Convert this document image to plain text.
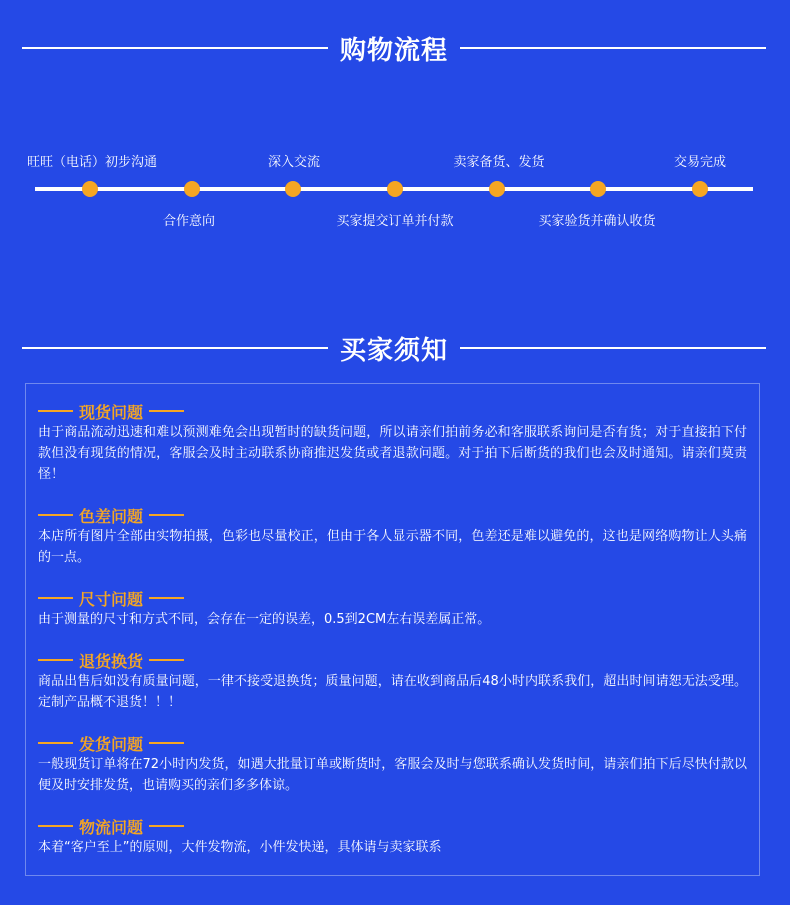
购物流程
旺旺（电话）初步沟通	深入交流	卖家备货、发货	交易完成
合作意向	买家提交订单并付款	买家验货并确认收货
买家须知
现货问题
由于商品流动迅速和难以预测难免会出现暂时的缺货问题，所以请亲们拍前务必和客服联系询问是否有货；对于直接拍下付款但没有现货的情况，客服会及时主动联系协商推迟发货或者退款问题。对于拍下后断货的我们也会及时通知。请亲们莫责怪！
色差问题
本店所有图片全部由实物拍摄，色彩也尽量校正，但由于各人显示器不同，色差还是难以避免的，这也是网络购物让人头痛的一点。
尺寸问题
由于测量的尺寸和方式不同，会存在一定的误差，0.5到2CM左右误差属正常。
退货换货
商品出售后如没有质量问题，一律不接受退换货；质量问题，请在收到商品后48小时内联系我们，超出时间请恕无法受理。定制产品概不退货！！！
发货问题
一般现货订单将在72小时内发货，如遇大批量订单或断货时，客服会及时与您联系确认发货时间，请亲们拍下后尽快付款以便及时安排发货，也请购买的亲们多多体谅。
物流问题
本着“客户至上”的原则，大件发物流，小件发快递，具体请与卖家联系
